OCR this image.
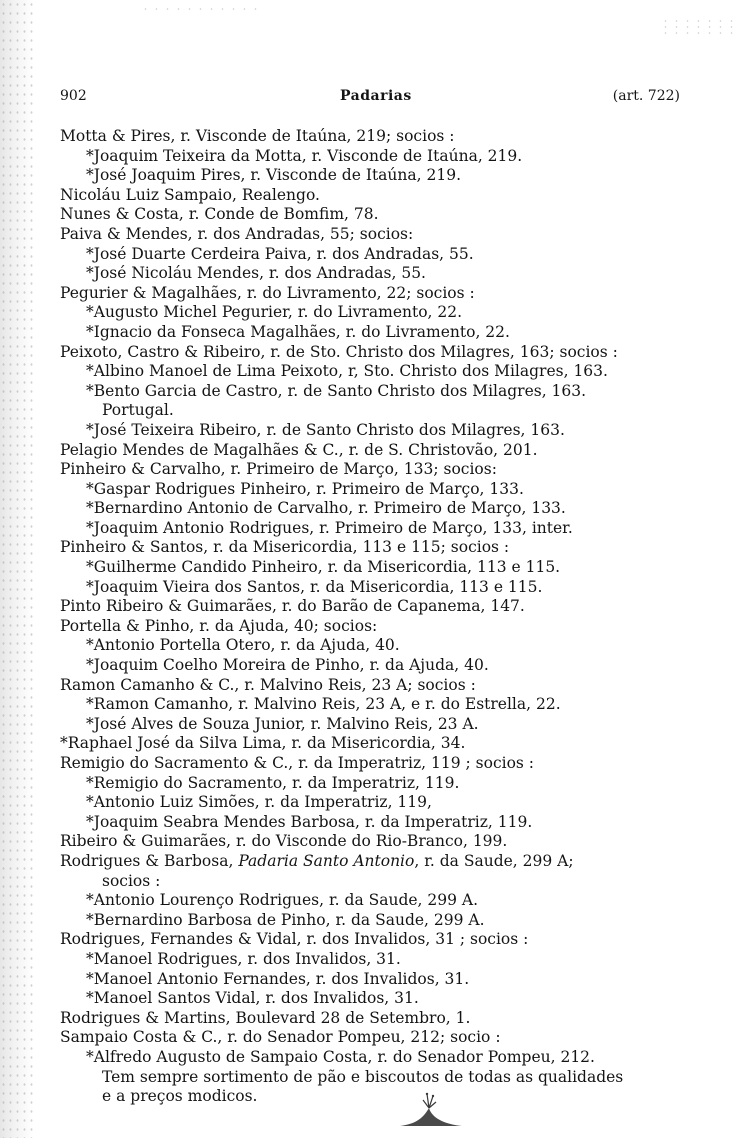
902	Padarias	(art. 722)
Motta & Pires, r. Visconde de Itaúna, 219; socios :
*Joaquim Teixeira da Motta, r. Visconde de Itaúna, 219.
*José Joaquim Pires, r. Visconde de Itaúna, 219.
Nicoláu Luiz Sampaio, Realengo.
Nunes & Costa, r. Conde de Bomfim, 78.
Paiva & Mendes, r. dos Andradas, 55; socios:
*José Duarte Cerdeira Paiva, r. dos Andradas, 55.
*José Nicoláu Mendes, r. dos Andradas, 55.
Pegurier & Magalhães, r. do Livramento, 22; socios :
*Augusto Michel Pegurier, r. do Livramento, 22.
*Ignacio da Fonseca Magalhães, r. do Livramento, 22.
Peixoto, Castro & Ribeiro, r. de Sto. Christo dos Milagres, 163; socios :
*Albino Manoel de Lima Peixoto, r, Sto. Christo dos Milagres, 163.
*Bento Garcia de Castro, r. de Santo Christo dos Milagres, 163.
Portugal.
*José Teixeira Ribeiro, r. de Santo Christo dos Milagres, 163.
Pelagio Mendes de Magalhães & C., r. de S. Christovão, 201.
Pinheiro & Carvalho, r. Primeiro de Março, 133; socios:
*Gaspar Rodrigues Pinheiro, r. Primeiro de Março, 133.
*Bernardino Antonio de Carvalho, r. Primeiro de Março, 133.
*Joaquim Antonio Rodrigues, r. Primeiro de Março, 133, inter.
Pinheiro & Santos, r. da Misericordia, 113 e 115; socios :
*Guilherme Candido Pinheiro, r. da Misericordia, 113 e 115.
*Joaquim Vieira dos Santos, r. da Misericordia, 113 e 115.
Pinto Ribeiro & Guimarães, r. do Barão de Capanema, 147.
Portella & Pinho, r. da Ajuda, 40; socios:
*Antonio Portella Otero, r. da Ajuda, 40.
*Joaquim Coelho Moreira de Pinho, r. da Ajuda, 40.
Ramon Camanho & C., r. Malvino Reis, 23 A; socios :
*Ramon Camanho, r. Malvino Reis, 23 A, e r. do Estrella, 22.
*José Alves de Souza Junior, r. Malvino Reis, 23 A.
*Raphael José da Silva Lima, r. da Misericordia, 34.
Remigio do Sacramento & C., r. da Imperatriz, 119 ; socios :
*Remigio do Sacramento, r. da Imperatriz, 119.
*Antonio Luiz Simões, r. da Imperatriz, 119,
*Joaquim Seabra Mendes Barbosa, r. da Imperatriz, 119.
Ribeiro & Guimarães, r. do Visconde do Rio-Branco, 199.
Rodrigues & Barbosa, Padaria Santo Antonio, r. da Saude, 299 A;
socios :
*Antonio Lourenço Rodrigues, r. da Saude, 299 A.
*Bernardino Barbosa de Pinho, r. da Saude, 299 A.
Rodrigues, Fernandes & Vidal, r. dos Invalidos, 31 ; socios :
*Manoel Rodrigues, r. dos Invalidos, 31.
*Manoel Antonio Fernandes, r. dos Invalidos, 31.
*Manoel Santos Vidal, r. dos Invalidos, 31.
Rodrigues & Martins, Boulevard 28 de Setembro, 1.
Sampaio Costa & C., r. do Senador Pompeu, 212; socio :
*Alfredo Augusto de Sampaio Costa, r. do Senador Pompeu, 212.
Tem sempre sortimento de pão e biscoutos de todas as qualidades
e a preços modicos.
